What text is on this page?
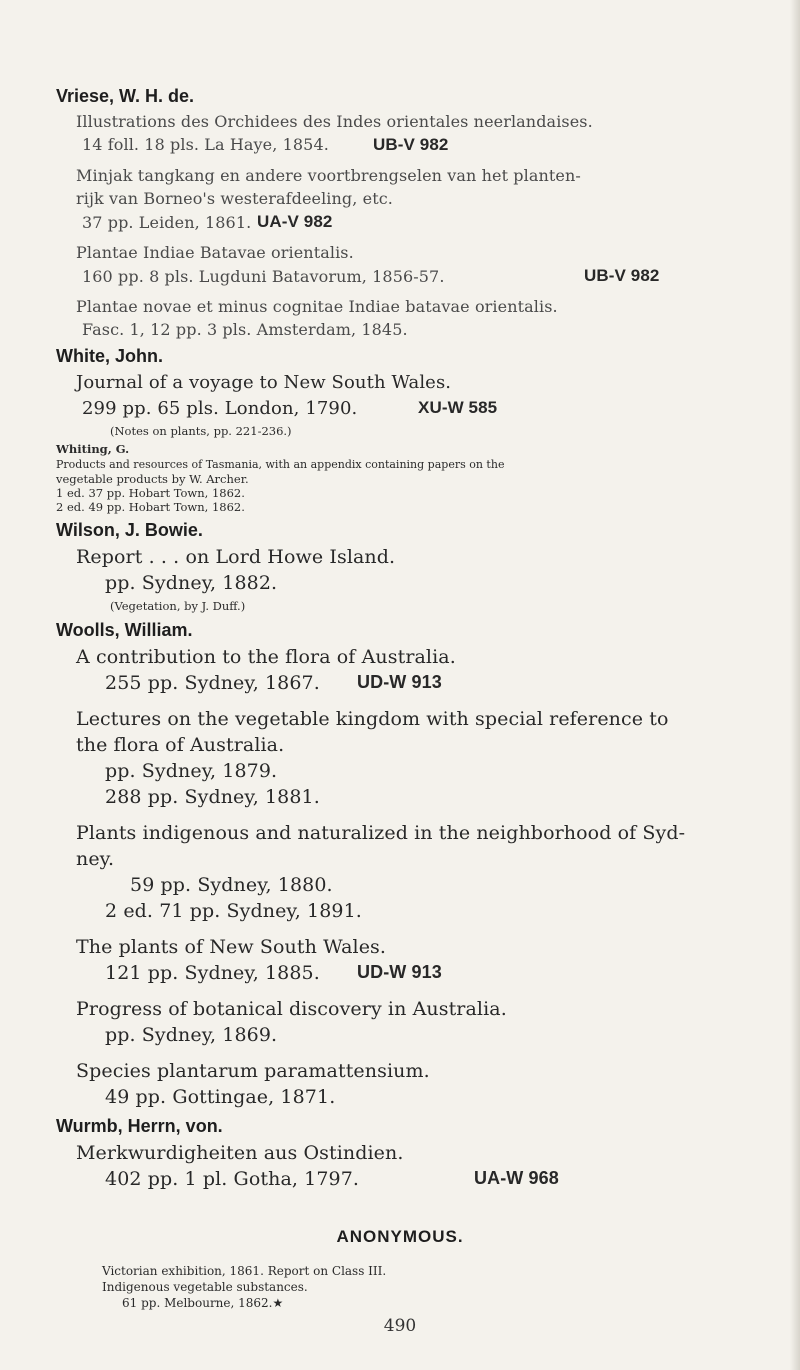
Vriese, W. H. de.
Illustrations des Orchidees des Indes orientales neerlandaises.
14 foll. 18 pls. La Haye, 1854.	UB-V 982
Minjak tangkang en andere voortbrengselen van het planten-
rijk van Borneo's westerafdeeling, etc.
37 pp. Leiden, 1861. UA-V 982
Plantae Indiae Batavae orientalis.
160 pp. 8 pls. Lugduni Batavorum, 1856-57.	UB-V 982
Plantae novae et minus cognitae Indiae batavae orientalis.
Fasc. 1, 12 pp. 3 pls. Amsterdam, 1845.
White, John.
Journal of a voyage to New South Wales.
299 pp. 65 pls. London, 1790.	XU-W 585
(Notes on plants, pp. 221-236.)
Whiting, G.
Products and resources of Tasmania, with an appendix containing papers on the
vegetable products by W. Archer.
1 ed. 37 pp. Hobart Town, 1862.
2 ed. 49 pp. Hobart Town, 1862.
Wilson, J. Bowie.
Report . . . on Lord Howe Island.
pp. Sydney, 1882.
(Vegetation, by J. Duff.)
Woolls, William.
A contribution to the flora of Australia.
255 pp. Sydney, 1867. UD-W 913
Lectures on the vegetable kingdom with special reference to
the flora of Australia.
pp. Sydney, 1879.
288 pp. Sydney, 1881.
Plants indigenous and naturalized in the neighborhood of Syd-
ney.
59 pp. Sydney, 1880.
2 ed. 71 pp. Sydney, 1891.
The plants of New South Wales.
121 pp. Sydney, 1885. UD-W 913
Progress of botanical discovery in Australia.
pp. Sydney, 1869.
Species plantarum paramattensium.
49 pp. Gottingae, 1871.
Wurmb, Herrn, von.
Merkwurdigheiten aus Ostindien.
402 pp. 1 pl. Gotha, 1797.	UA-W 968
ANONYMOUS.
Victorian exhibition, 1861. Report on Class III.
Indigenous vegetable substances.
61 pp. Melbourne, 1862.★
490
